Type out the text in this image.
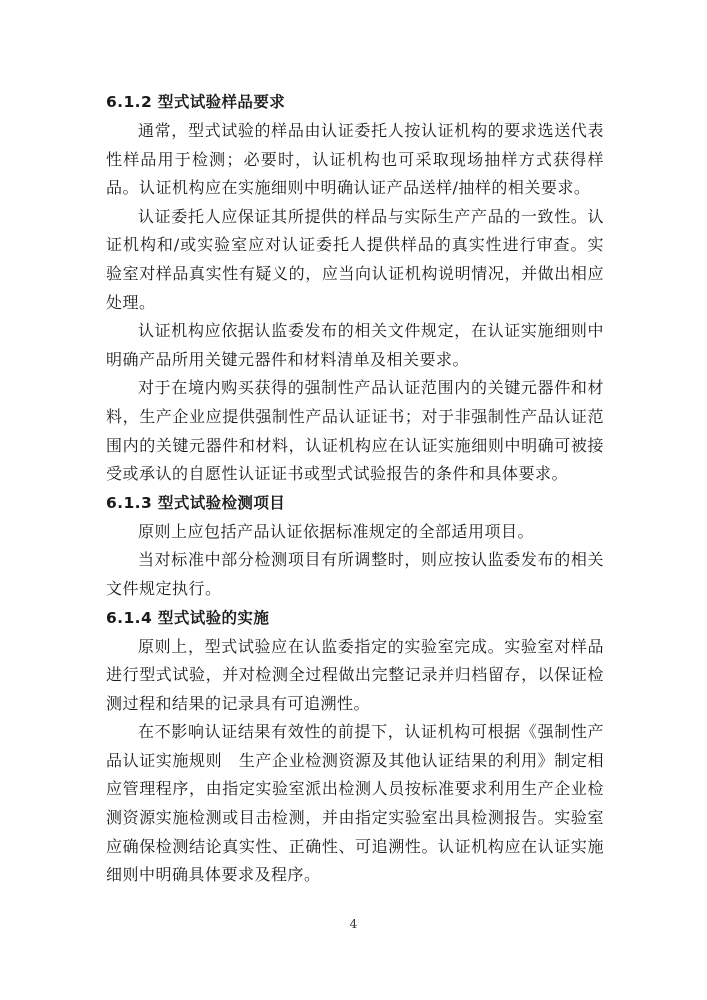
6.1.2 型式试验样品要求

通常，型式试验的样品由认证委托人按认证机构的要求选送代表性样品用于检测；必要时，认证机构也可采取现场抽样方式获得样品。认证机构应在实施细则中明确认证产品送样/抽样的相关要求。

认证委托人应保证其所提供的样品与实际生产产品的一致性。认证机构和/或实验室应对认证委托人提供样品的真实性进行审查。实验室对样品真实性有疑义的，应当向认证机构说明情况，并做出相应处理。

认证机构应依据认监委发布的相关文件规定，在认证实施细则中明确产品所用关键元器件和材料清单及相关要求。

对于在境内购买获得的强制性产品认证范围内的关键元器件和材料，生产企业应提供强制性产品认证证书；对于非强制性产品认证范围内的关键元器件和材料，认证机构应在认证实施细则中明确可被接受或承认的自愿性认证证书或型式试验报告的条件和具体要求。

6.1.3 型式试验检测项目

原则上应包括产品认证依据标准规定的全部适用项目。

当对标准中部分检测项目有所调整时，则应按认监委发布的相关文件规定执行。

6.1.4 型式试验的实施

原则上，型式试验应在认监委指定的实验室完成。实验室对样品进行型式试验，并对检测全过程做出完整记录并归档留存，以保证检测过程和结果的记录具有可追溯性。

在不影响认证结果有效性的前提下，认证机构可根据《强制性产品认证实施规则　生产企业检测资源及其他认证结果的利用》制定相应管理程序，由指定实验室派出检测人员按标准要求利用生产企业检测资源实施检测或目击检测，并由指定实验室出具检测报告。实验室应确保检测结论真实性、正确性、可追溯性。认证机构应在认证实施细则中明确具体要求及程序。

4
